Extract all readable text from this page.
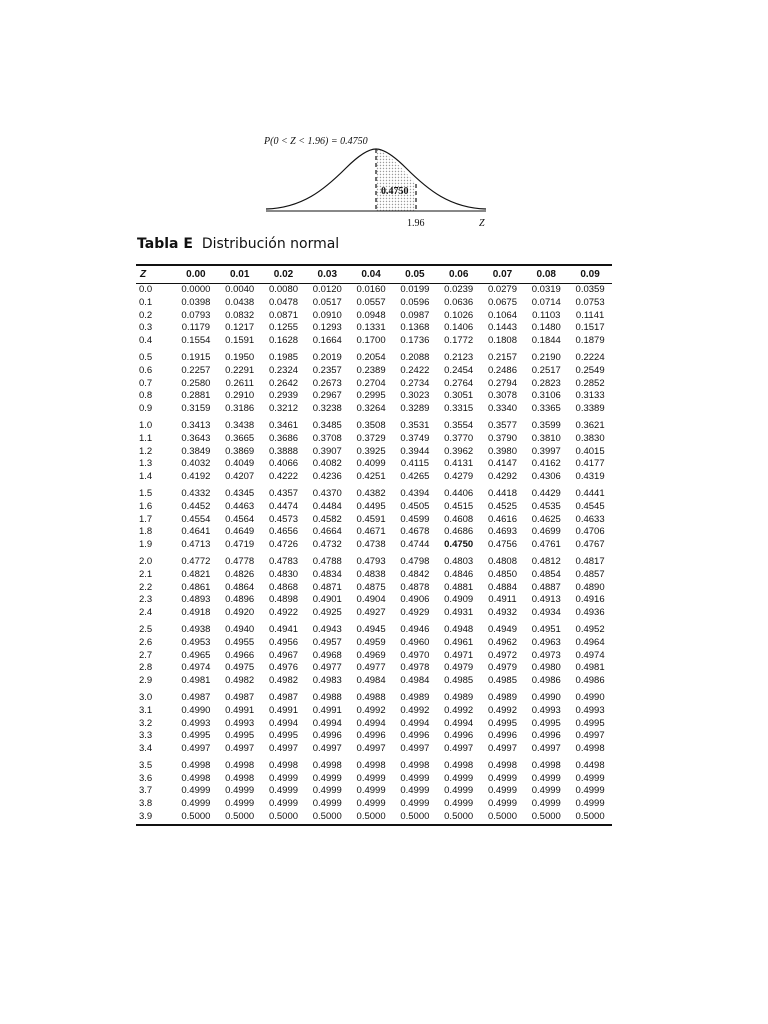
P(0 < Z < 1.96) = 0.4750
0.4750
1.96	Z
Tabla E Distribución normal
Z	0.00	0.01	0.02	0.03	0.04	0.05	0.06	0.07	0.08	0.09
0.0	0.0000	0.0040	0.0080	0.0120	0.0160	0.0199	0.0239	0.0279	0.0319	0.0359
0.1	0.0398	0.0438	0.0478	0.0517	0.0557	0.0596	0.0636	0.0675	0.0714	0.0753
0.2	0.0793	0.0832	0.0871	0.0910	0.0948	0.0987	0.1026	0.1064	0.1103	0.1141
0.3	0.1179	0.1217	0.1255	0.1293	0.1331	0.1368	0.1406	0.1443	0.1480	0.1517
0.4	0.1554	0.1591	0.1628	0.1664	0.1700	0.1736	0.1772	0.1808	0.1844	0.1879
0.5	0.1915	0.1950	0.1985	0.2019	0.2054	0.2088	0.2123	0.2157	0.2190	0.2224
0.6	0.2257	0.2291	0.2324	0.2357	0.2389	0.2422	0.2454	0.2486	0.2517	0.2549
0.7	0.2580	0.2611	0.2642	0.2673	0.2704	0.2734	0.2764	0.2794	0.2823	0.2852
0.8	0.2881	0.2910	0.2939	0.2967	0.2995	0.3023	0.3051	0.3078	0.3106	0.3133
0.9	0.3159	0.3186	0.3212	0.3238	0.3264	0.3289	0.3315	0.3340	0.3365	0.3389
1.0	0.3413	0.3438	0.3461	0.3485	0.3508	0.3531	0.3554	0.3577	0.3599	0.3621
1.1	0.3643	0.3665	0.3686	0.3708	0.3729	0.3749	0.3770	0.3790	0.3810	0.3830
1.2	0.3849	0.3869	0.3888	0.3907	0.3925	0.3944	0.3962	0.3980	0.3997	0.4015
1.3	0.4032	0.4049	0.4066	0.4082	0.4099	0.4115	0.4131	0.4147	0.4162	0.4177
1.4	0.4192	0.4207	0.4222	0.4236	0.4251	0.4265	0.4279	0.4292	0.4306	0.4319
1.5	0.4332	0.4345	0.4357	0.4370	0.4382	0.4394	0.4406	0.4418	0.4429	0.4441
1.6	0.4452	0.4463	0.4474	0.4484	0.4495	0.4505	0.4515	0.4525	0.4535	0.4545
1.7	0.4554	0.4564	0.4573	0.4582	0.4591	0.4599	0.4608	0.4616	0.4625	0.4633
1.8	0.4641	0.4649	0.4656	0.4664	0.4671	0.4678	0.4686	0.4693	0.4699	0.4706
1.9	0.4713	0.4719	0.4726	0.4732	0.4738	0.4744	0.4750	0.4756	0.4761	0.4767
2.0	0.4772	0.4778	0.4783	0.4788	0.4793	0.4798	0.4803	0.4808	0.4812	0.4817
2.1	0.4821	0.4826	0.4830	0.4834	0.4838	0.4842	0.4846	0.4850	0.4854	0.4857
2.2	0.4861	0.4864	0.4868	0.4871	0.4875	0.4878	0.4881	0.4884	0.4887	0.4890
2.3	0.4893	0.4896	0.4898	0.4901	0.4904	0.4906	0.4909	0.4911	0.4913	0.4916
2.4	0.4918	0.4920	0.4922	0.4925	0.4927	0.4929	0.4931	0.4932	0.4934	0.4936
2.5	0.4938	0.4940	0.4941	0.4943	0.4945	0.4946	0.4948	0.4949	0.4951	0.4952
2.6	0.4953	0.4955	0.4956	0.4957	0.4959	0.4960	0.4961	0.4962	0.4963	0.4964
2.7	0.4965	0.4966	0.4967	0.4968	0.4969	0.4970	0.4971	0.4972	0.4973	0.4974
2.8	0.4974	0.4975	0.4976	0.4977	0.4977	0.4978	0.4979	0.4979	0.4980	0.4981
2.9	0.4981	0.4982	0.4982	0.4983	0.4984	0.4984	0.4985	0.4985	0.4986	0.4986
3.0	0.4987	0.4987	0.4987	0.4988	0.4988	0.4989	0.4989	0.4989	0.4990	0.4990
3.1	0.4990	0.4991	0.4991	0.4991	0.4992	0.4992	0.4992	0.4992	0.4993	0.4993
3.2	0.4993	0.4993	0.4994	0.4994	0.4994	0.4994	0.4994	0.4995	0.4995	0.4995
3.3	0.4995	0.4995	0.4995	0.4996	0.4996	0.4996	0.4996	0.4996	0.4996	0.4997
3.4	0.4997	0.4997	0.4997	0.4997	0.4997	0.4997	0.4997	0.4997	0.4997	0.4998
3.5	0.4998	0.4998	0.4998	0.4998	0.4998	0.4998	0.4998	0.4998	0.4998	0.4498
3.6	0.4998	0.4998	0.4999	0.4999	0.4999	0.4999	0.4999	0.4999	0.4999	0.4999
3.7	0.4999	0.4999	0.4999	0.4999	0.4999	0.4999	0.4999	0.4999	0.4999	0.4999
3.8	0.4999	0.4999	0.4999	0.4999	0.4999	0.4999	0.4999	0.4999	0.4999	0.4999
3.9	0.5000	0.5000	0.5000	0.5000	0.5000	0.5000	0.5000	0.5000	0.5000	0.5000
